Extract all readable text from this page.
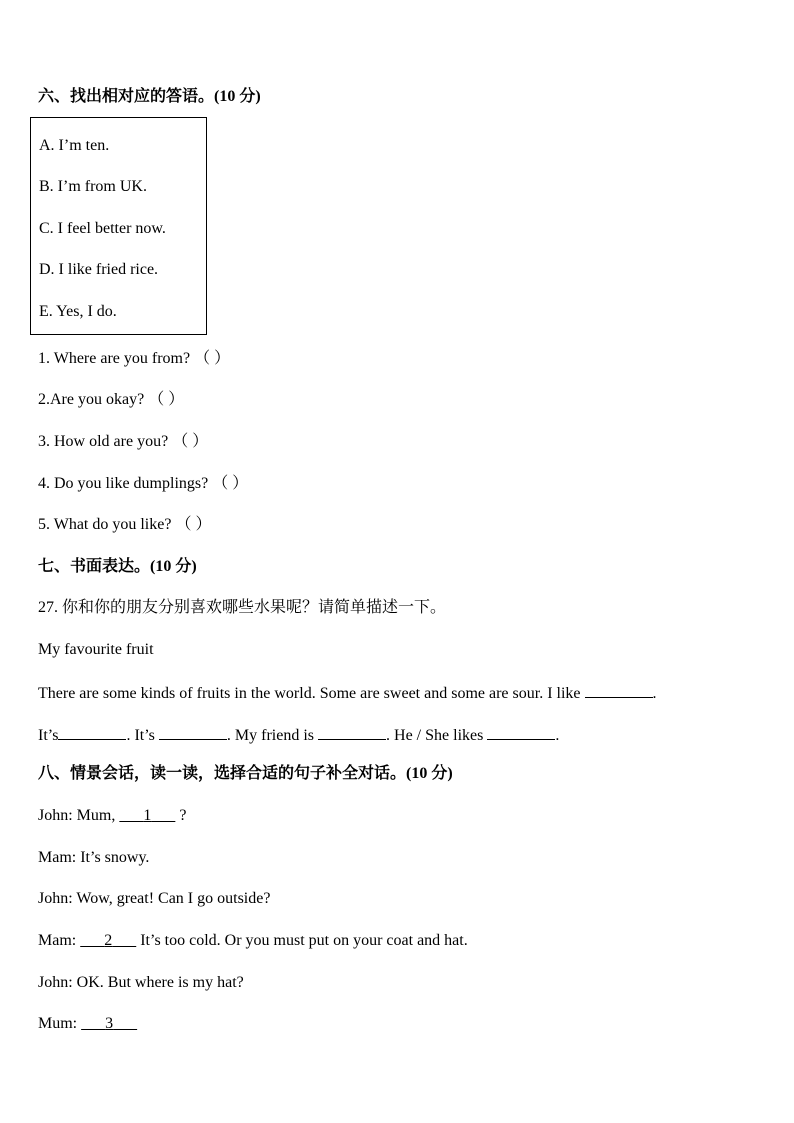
六、找出相对应的答语。(10 分)
A. I’m ten.
B. I’m from UK.
C. I feel better now.
D. I like fried rice.
E. Yes, I do.
1. Where are you from? （ ）
2.Are you okay? （ ）
3. How old are you? （ ）
4. Do you like dumplings? （ ）
5. What do you like? （ ）
七、书面表达。(10 分)
27. 你和你的朋友分别喜欢哪些水果呢？请简单描述一下。
My favourite fruit
There are some kinds of fruits in the world. Some are sweet and some are sour. I like	.
It’s	. It’s	. My friend is	. He / She likes	.
八、情景会话，读一读，选择合适的句子补全对话。(10 分)
John: Mum, 1 ?
Mam: It’s snowy.
John: Wow, great! Can I go outside?
Mam: 2 It’s too cold. Or you must put on your coat and hat.
John: OK. But where is my hat?
Mum: 3
